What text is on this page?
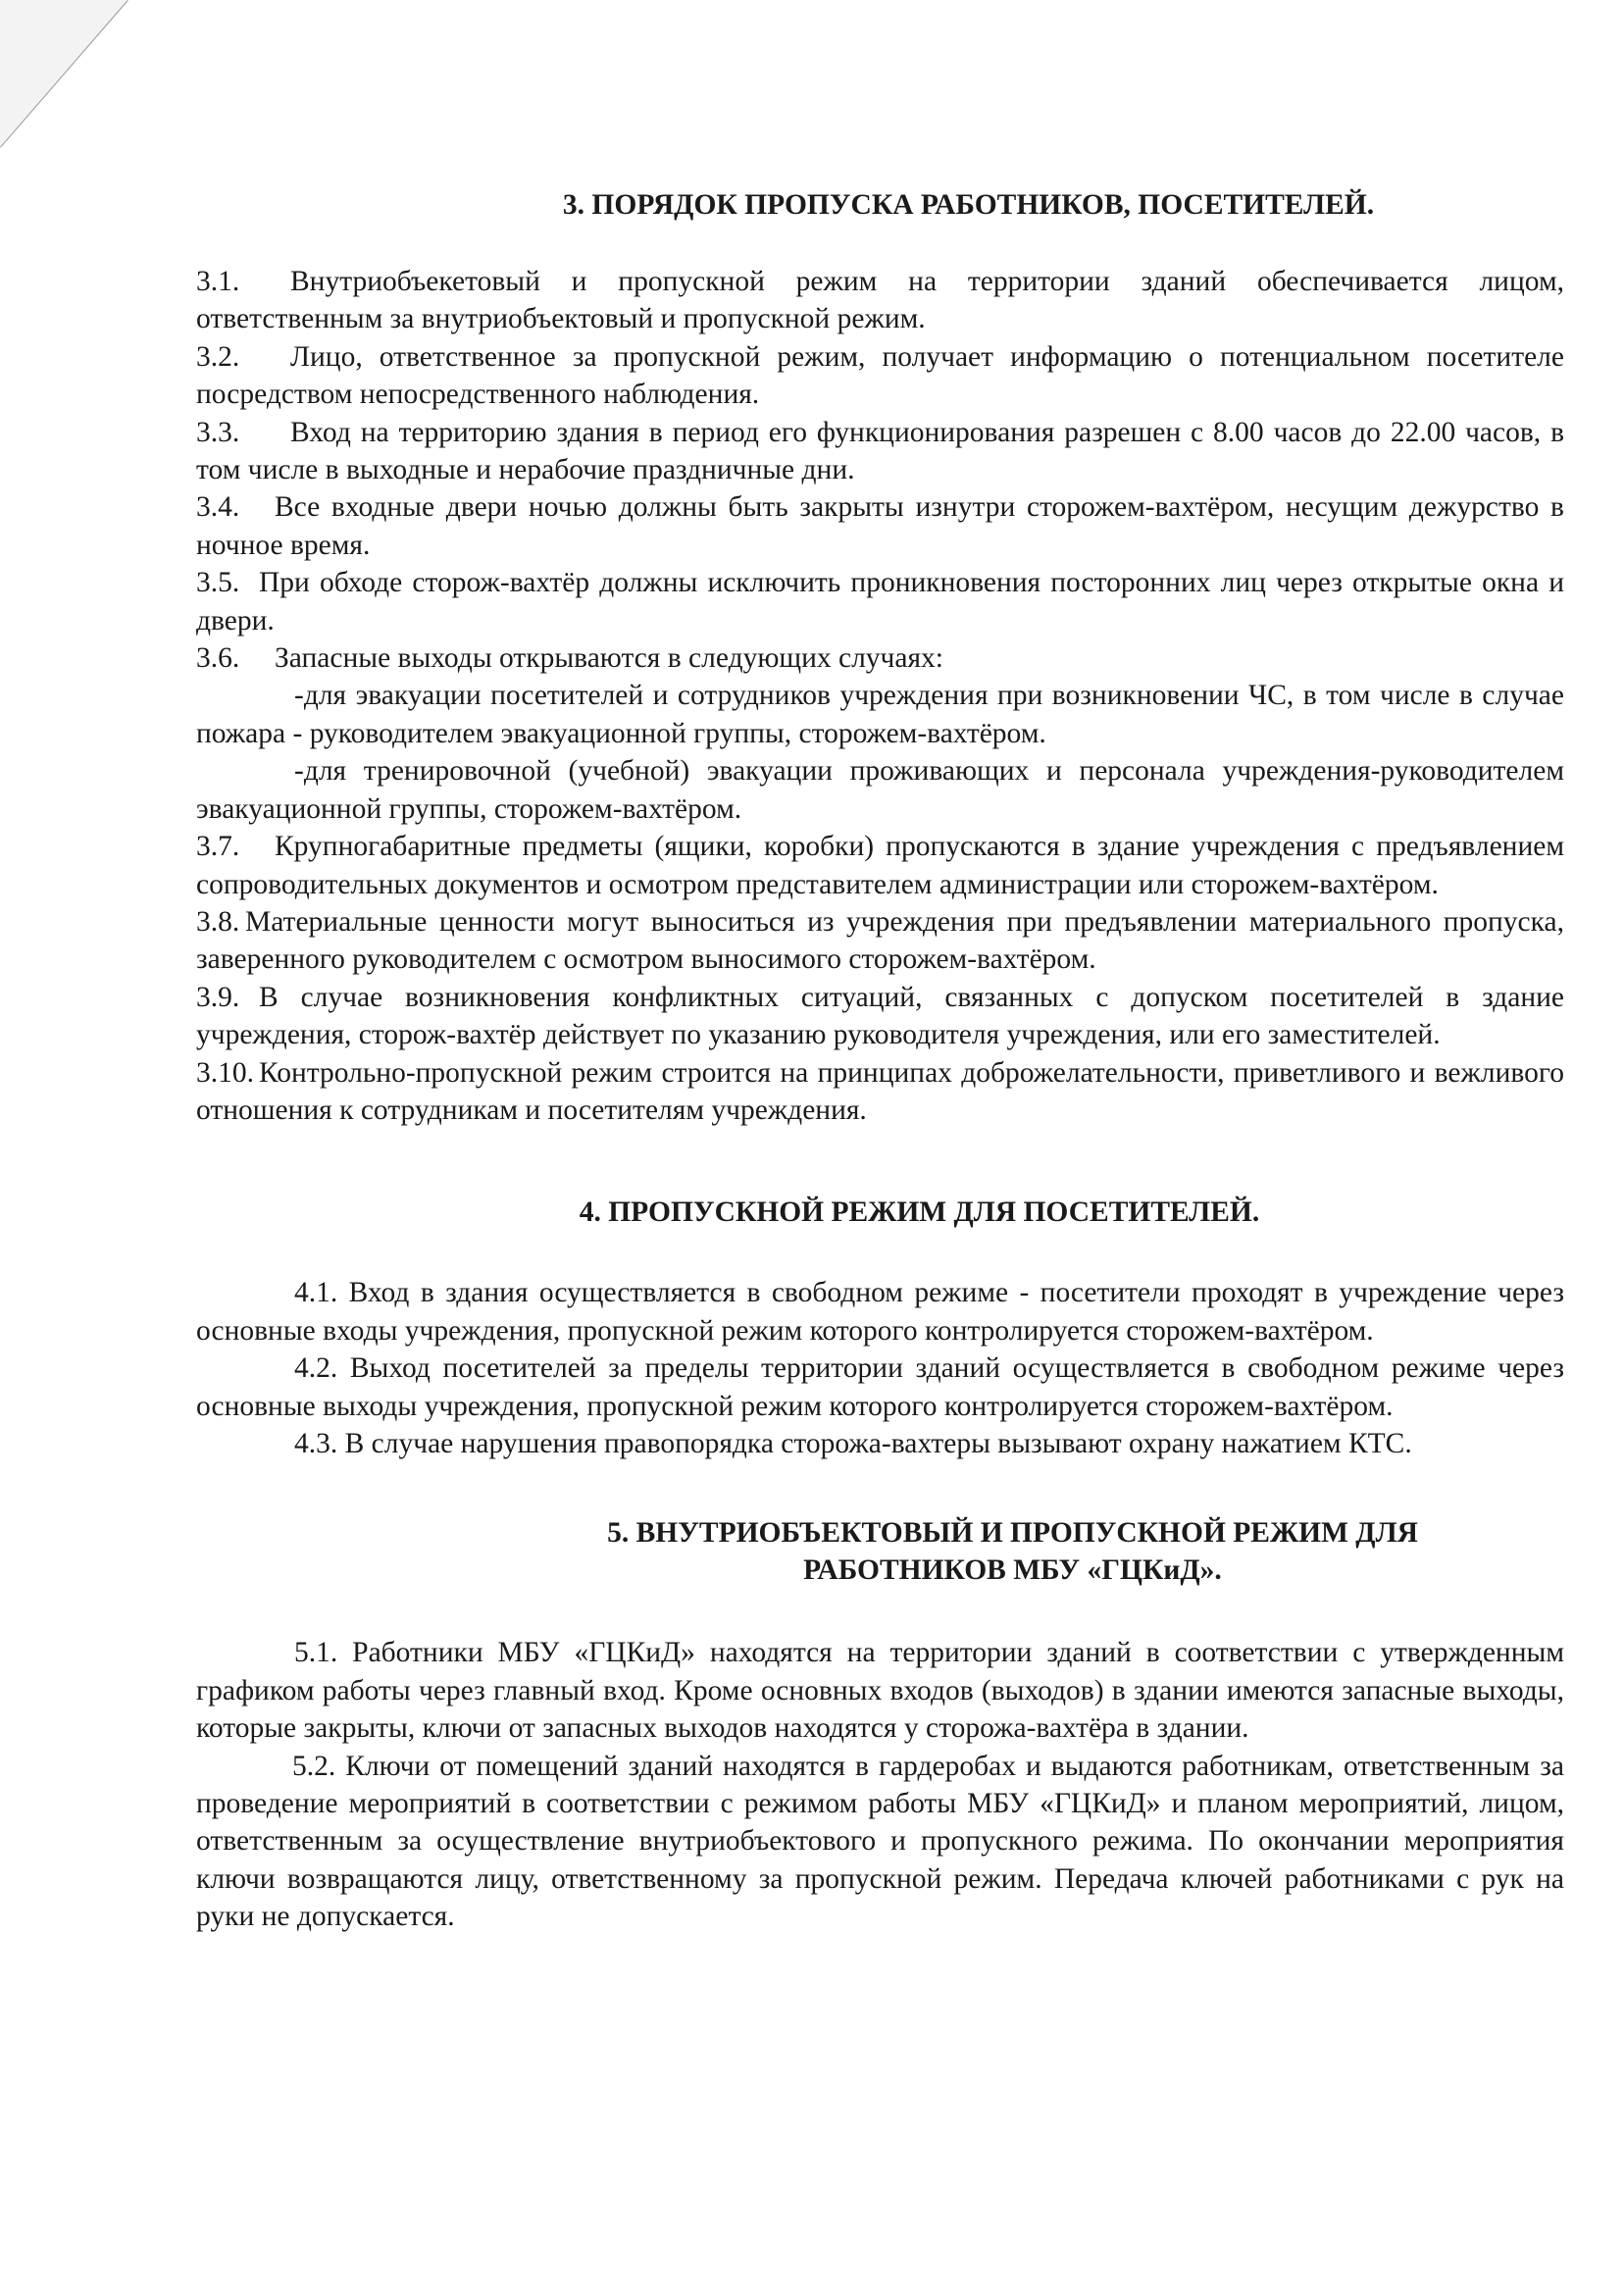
3. ПОРЯДОК ПРОПУСКА РАБОТНИКОВ, ПОСЕТИТЕЛЕЙ.

3.1. Внутриобъекетовый и пропускной режим на территории зданий обеспечивается лицом, ответственным за внутриобъектовый и пропускной режим.

3.2. Лицо, ответственное за пропускной режим, получает информацию о потенциальном посетителе посредством непосредственного наблюдения.

3.3. Вход на территорию здания в период его функционирования разрешен с 8.00 часов до 22.00 часов, в том числе в выходные и нерабочие праздничные дни.

3.4. Все входные двери ночью должны быть закрыты изнутри сторожем-вахтёром, несущим дежурство в ночное время.

3.5. При обходе сторож-вахтёр должны исключить проникновения посторонних лиц через открытые окна и двери.

3.6. Запасные выходы открываются в следующих случаях:

-для эвакуации посетителей и сотрудников учреждения при возникновении ЧС, в том числе в случае пожара - руководителем эвакуационной группы, сторожем-вахтёром.

-для тренировочной (учебной) эвакуации проживающих и персонала учреждения-руководителем эвакуационной группы, сторожем-вахтёром.

3.7. Крупногабаритные предметы (ящики, коробки) пропускаются в здание учреждения с предъявлением сопроводительных документов и осмотром представителем администрации или сторожем-вахтёром.

3.8. Материальные ценности могут выноситься из учреждения при предъявлении материального пропуска, заверенного руководителем с осмотром выносимого сторожем-вахтёром.

3.9. В случае возникновения конфликтных ситуаций, связанных с допуском посетителей в здание учреждения, сторож-вахтёр действует по указанию руководителя учреждения, или его заместителей.

3.10. Контрольно-пропускной режим строится на принципах доброжелательности, приветливого и вежливого отношения к сотрудникам и посетителям учреждения.

4. ПРОПУСКНОЙ РЕЖИМ ДЛЯ ПОСЕТИТЕЛЕЙ.

4.1. Вход в здания осуществляется в свободном режиме - посетители проходят в учреждение через основные входы учреждения, пропускной режим которого контролируется сторожем-вахтёром.

4.2. Выход посетителей за пределы территории зданий осуществляется в свободном режиме через основные выходы учреждения, пропускной режим которого контролируется сторожем-вахтёром.

4.3. В случае нарушения правопорядка сторожа-вахтеры вызывают охрану нажатием КТС.

5. ВНУТРИОБЪЕКТОВЫЙ И ПРОПУСКНОЙ РЕЖИМ ДЛЯ
РАБОТНИКОВ МБУ «ГЦКиД».

5.1. Работники МБУ «ГЦКиД» находятся на территории зданий в соответствии с утвержденным графиком работы через главный вход. Кроме основных входов (выходов) в здании имеются запасные выходы, которые закрыты, ключи от запасных выходов находятся у сторожа-вахтёра в здании.

5.2. Ключи от помещений зданий находятся в гардеробах и выдаются работникам, ответственным за проведение мероприятий в соответствии с режимом работы МБУ «ГЦКиД» и планом мероприятий, лицом, ответственным за осуществление внутриобъектового и пропускного режима. По окончании мероприятия ключи возвращаются лицу, ответственному за пропускной режим. Передача ключей работниками с рук на руки не допускается.
